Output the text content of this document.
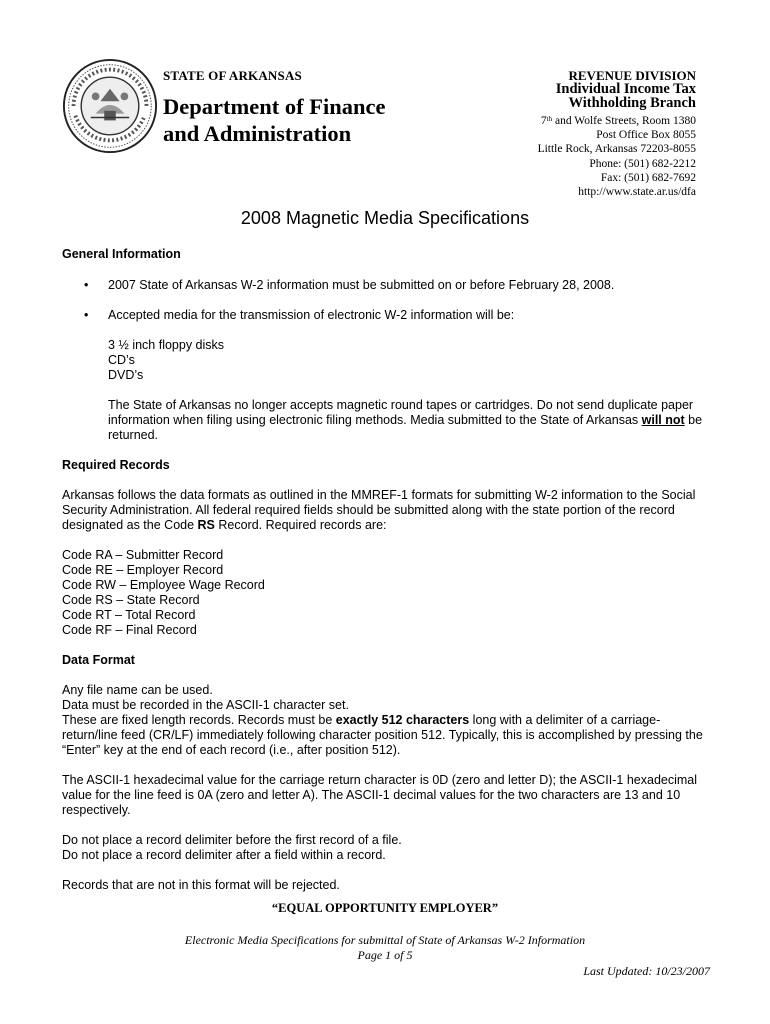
STATE OF ARKANSAS
Department of Finance
and Administration
REVENUE DIVISION
Individual Income Tax
Withholding Branch
7th and Wolfe Streets, Room 1380
Post Office Box 8055
Little Rock, Arkansas 72203-8055
Phone: (501) 682-2212
Fax: (501) 682-7692
http://www.state.ar.us/dfa
2008 Magnetic Media Specifications
General Information
• 2007 State of Arkansas W-2 information must be submitted on or before February 28, 2008.
• Accepted media for the transmission of electronic W-2 information will be:
3 ½ inch floppy disks
CD’s
DVD’s
The State of Arkansas no longer accepts magnetic round tapes or cartridges. Do not send duplicate paper information when filing using electronic filing methods. Media submitted to the State of Arkansas will not be returned.
Required Records
Arkansas follows the data formats as outlined in the MMREF-1 formats for submitting W-2 information to the Social Security Administration. All federal required fields should be submitted along with the state portion of the record designated as the Code RS Record. Required records are:
Code RA – Submitter Record
Code RE – Employer Record
Code RW – Employee Wage Record
Code RS – State Record
Code RT – Total Record
Code RF – Final Record
Data Format
Any file name can be used.
Data must be recorded in the ASCII-1 character set.
These are fixed length records. Records must be exactly 512 characters long with a delimiter of a carriage-return/line feed (CR/LF) immediately following character position 512. Typically, this is accomplished by pressing the “Enter” key at the end of each record (i.e., after position 512).
The ASCII-1 hexadecimal value for the carriage return character is 0D (zero and letter D); the ASCII-1 hexadecimal value for the line feed is 0A (zero and letter A). The ASCII-1 decimal values for the two characters are 13 and 10 respectively.
Do not place a record delimiter before the first record of a file.
Do not place a record delimiter after a field within a record.
Records that are not in this format will be rejected.
“EQUAL OPPORTUNITY EMPLOYER”
Electronic Media Specifications for submittal of State of Arkansas W-2 Information
Page 1 of 5
Last Updated: 10/23/2007
